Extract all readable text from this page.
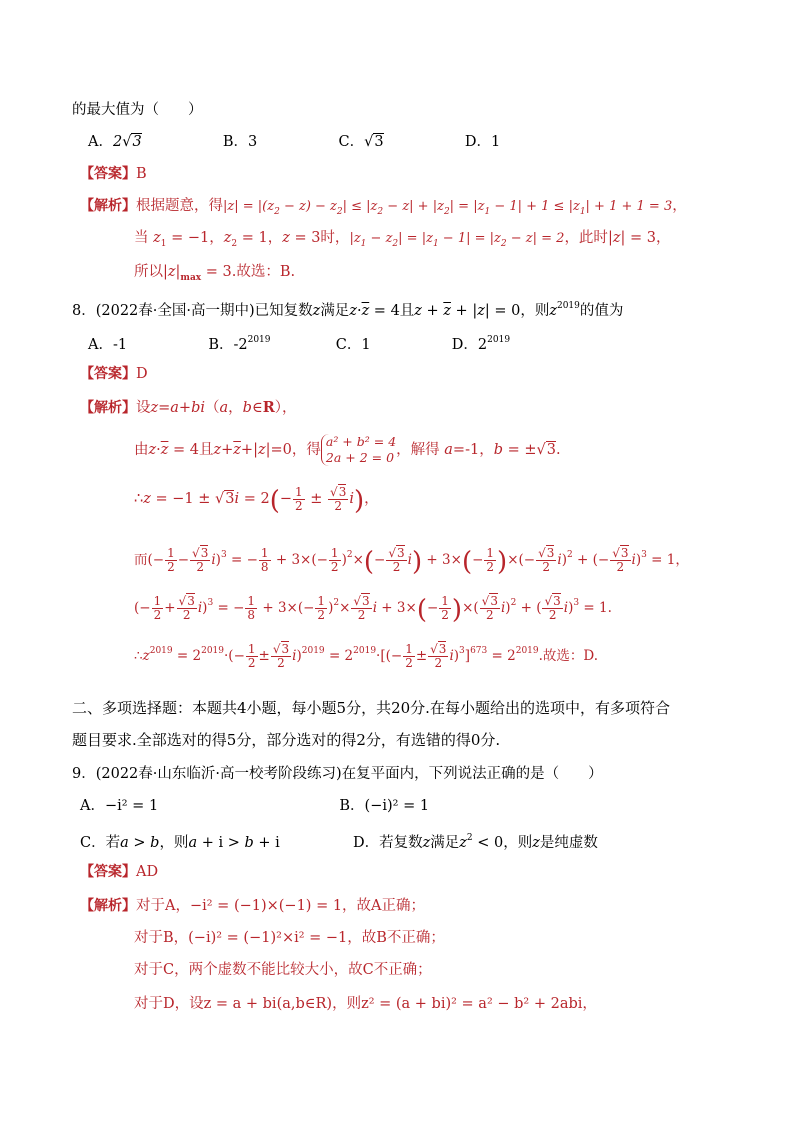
的最大值为（　　）
A．2√3	B．3	C．√3	D．1
【答案】B
【解析】根据题意，得$|z| = |(z_2 - z) - z_2| \le |z_2 - z| + |z_2| = |z_1 - 1| + 1 \le |z_1| + 1 + 1 = 3$，
当 $z_1 = -1$，$z_2 = 1$，z = 3时，$|z_1 - z_2| = |z_1 - 1| = |z_2 - z| = 2$，此时|z| = 3，
所以$|z|_{max} = 3$.故选：B.
8．(2022春·全国·高一期中)已知复数z满足$z\cdot\overline{z} = 4$且$z + \overline{z} + |z| = 0$，则$z^{2019}$的值为
A．-1	B．$-2^{2019}$	C．1	D．$2^{2019}$
【答案】D
【解析】设z=a+bi（a，b∈R），
由$z\cdot\overline{z} = 4$且$z+\overline{z}+|z|=0$，得
a² + b² = 4
2a + 2 = 0 ，解得 a=-1，b = ±√3.
∴z = $-1 \pm √3i = 2(- \frac{1}{2} \pm \frac{√3}{2} i)$，
而(− $\frac{1}{2} - \frac{√3}{2} i)^3$ = − $\frac{1}{8} + 3\times(- \frac{1}{2} )^2\times(- \frac{√3}{2} i) + 3\times(- \frac{1}{2}$ )×(− $\frac{√3}{2} i)^2$ + (− $\frac{√3}{2} i)^3 = 1$，
(− $\frac{1}{2} + \frac{√3}{2} i)^3$ = − $\frac{1}{8} + 3\times(- \frac{1}{2} )^2\times \frac{√3}{2}$ $i + 3\times(- \frac{1}{2}$ )×( $\frac{√3}{2} i)^2$ + ( $\frac{√3}{2} i)^3 = 1$.
$\therefore z^{2019} = 2^{2019}\cdot(- \frac{1}{2} \pm \frac{√3}{2} i)^{2019} = 2^{2019}\cdot[(- \frac{1}{2} \pm \frac{√3}{2} i)^3]^{673} = 2^{2019}$.故选：D.
二、多项选择题：本题共4小题，每小题5分，共20分.在每小题给出的选项中，有多项符合
题目要求.全部选对的得5分，部分选对的得2分，有选错的得0分.
9．(2022春·山东临沂·高一校考阶段练习)在复平面内，下列说法正确的是（　　）
A．−i² = 1	B．(−i)² = 1
C．若a > b，则a + i > b + i	D．若复数z满足$z^2 < 0$，则z是纯虚数
【答案】AD
【解析】对于A，−i² = (−1)×(−1) = 1，故A正确；
对于B，(−i)² = (−1)²×i² = −1，故B不正确；
对于C，两个虚数不能比较大小，故C不正确；
对于D，设z = a + bi(a,b∈R)，则z² = (a + bi)² = a² − b² + 2abi，
